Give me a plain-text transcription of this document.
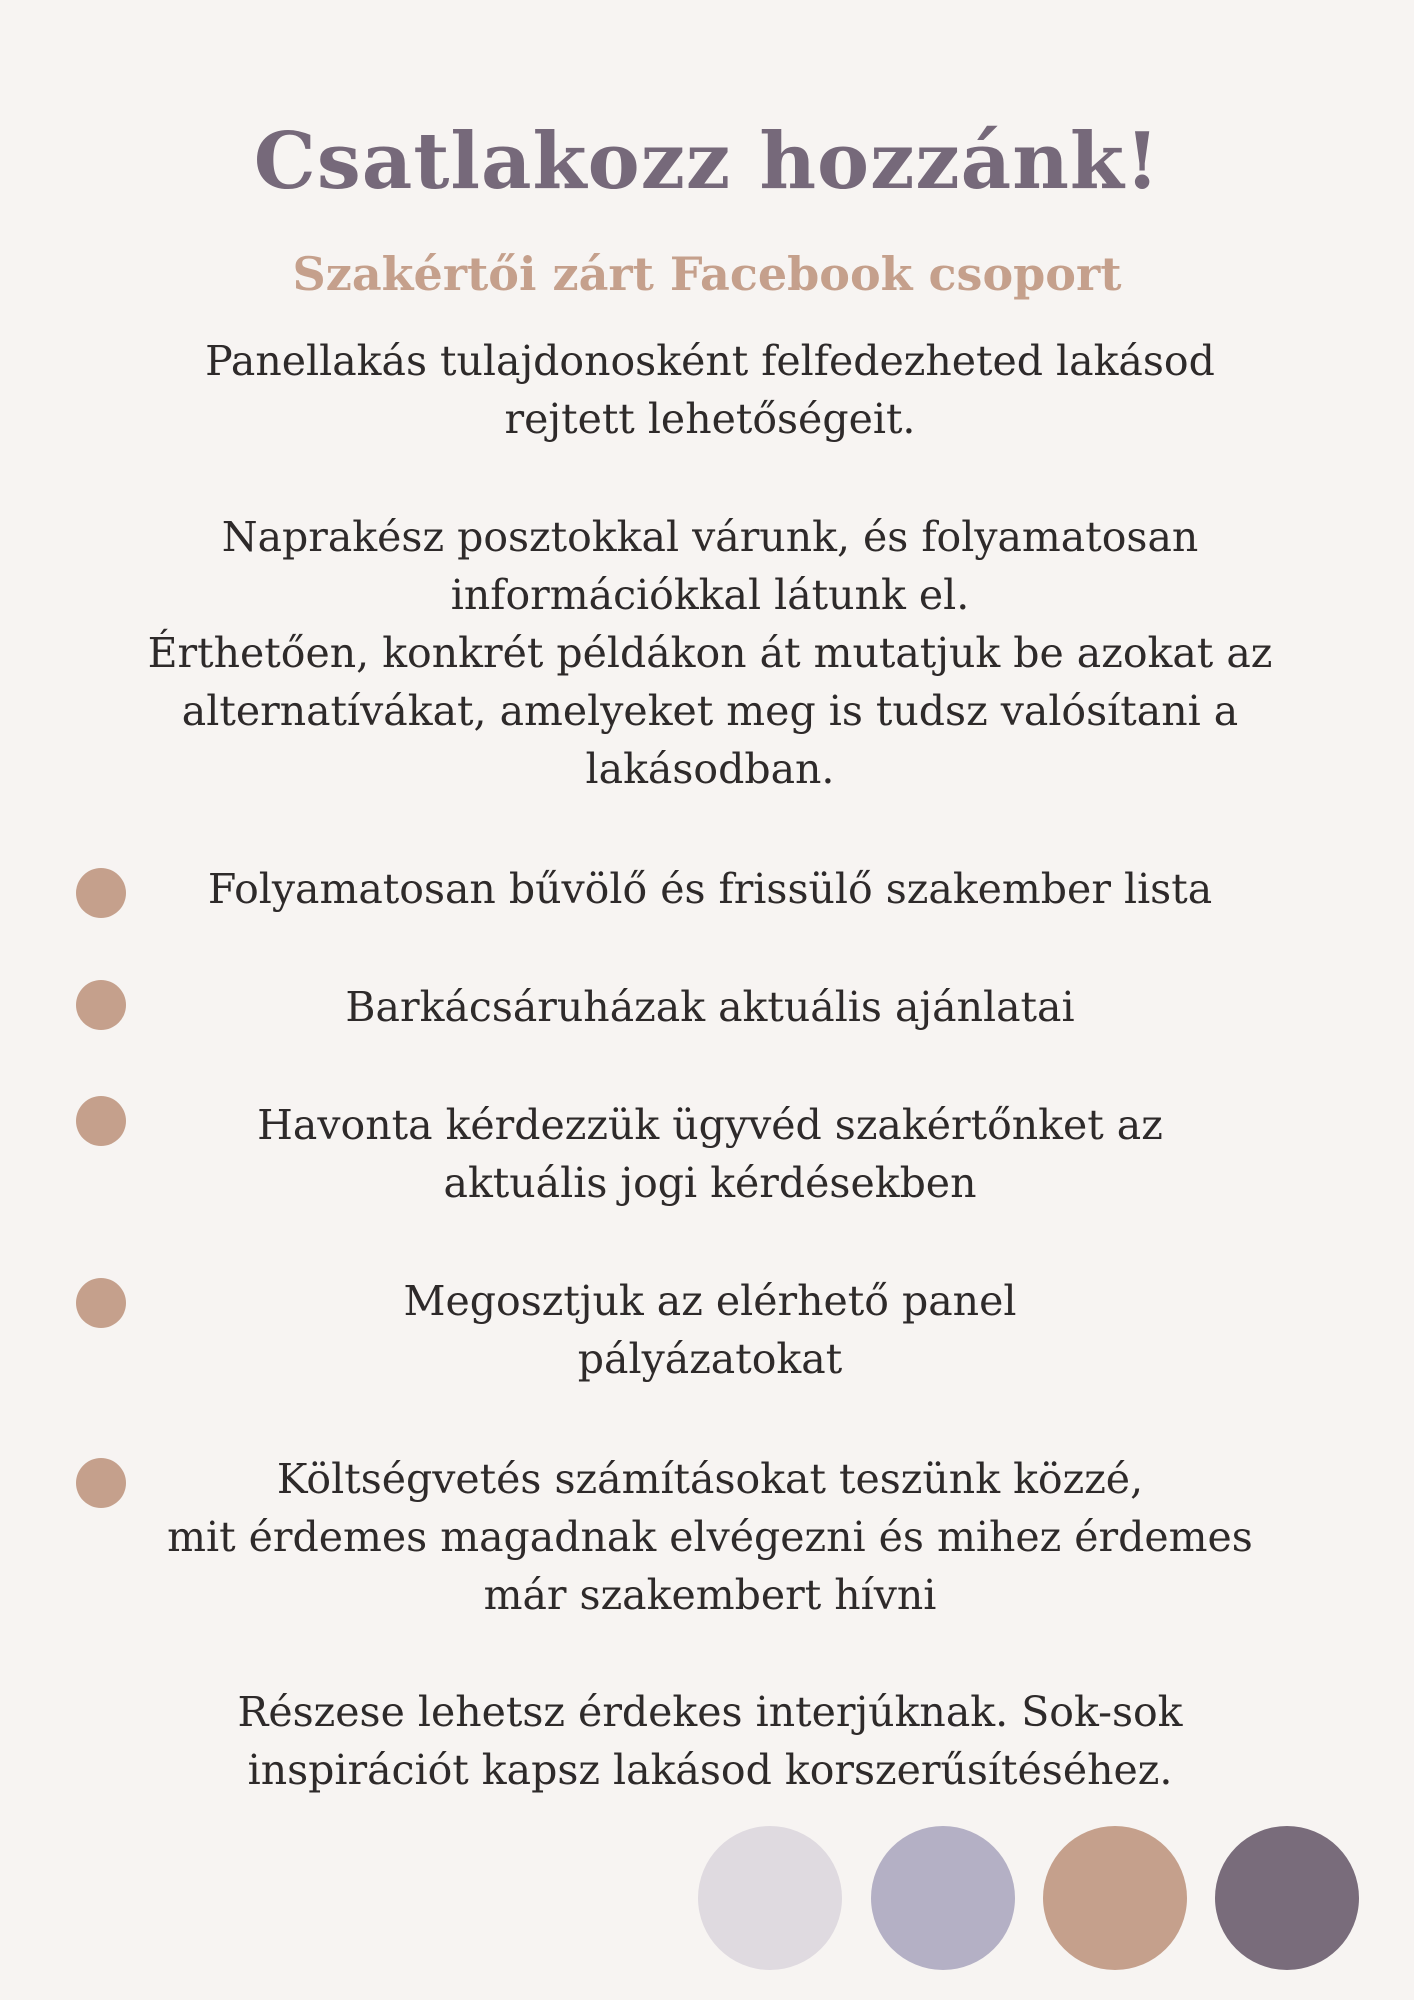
Csatlakozz hozzánk!
Szakértői zárt Facebook csoport

Panellakás tulajdonosként felfedezheted lakásod
rejtett lehetőségeit.

Naprakész posztokkal várunk, és folyamatosan
információkkal látunk el.
Érthetően, konkrét példákon át mutatjuk be azokat az
alternatívákat, amelyeket meg is tudsz valósítani a
lakásodban.

Folyamatosan bűvölő és frissülő szakember lista
Barkácsáruházak aktuális ajánlatai
Havonta kérdezzük ügyvéd szakértőnket az
aktuális jogi kérdésekben
Megosztjuk az elérhető panel
pályázatokat
Költségvetés számításokat teszünk közzé,
mit érdemes magadnak elvégezni és mihez érdemes
már szakembert hívni

Részese lehetsz érdekes interjúknak. Sok-sok
inspirációt kapsz lakásod korszerűsítéséhez.
